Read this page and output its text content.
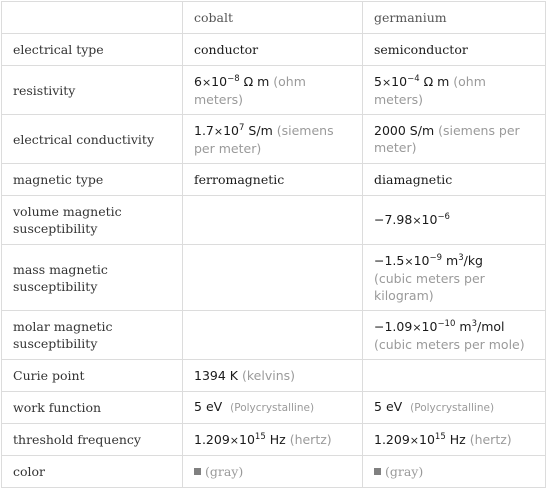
	cobalt	germanium
electrical type	conductor	semiconductor
resistivity	$6\times 10^{-8}$ Ω m (ohm meters)	$5\times 10^{-4}$ Ω m (ohm meters)
electrical conductivity	$1.7\times 10^7$ S/m (siemens per meter)	2000 S/m (siemens per meter)
magnetic type	ferromagnetic	diamagnetic
volume magnetic susceptibility		$-7.98\times 10^{-6}$
mass magnetic susceptibility		$-1.5\times 10^{-9}$ $m^3/kg$
(cubic meters per kilogram)
molar magnetic susceptibility		$-1.09\times 10^{-10}$ $m^3$/mol
(cubic meters per mole)
Curie point	1394 K (kelvins)	
work function	5 eV (Polycrystalline)	5 eV (Polycrystalline)
threshold frequency	$1.209\times 10^{15}$ Hz (hertz)	$1.209\times 10^{15}$ Hz (hertz)
color	(gray)	(gray)
